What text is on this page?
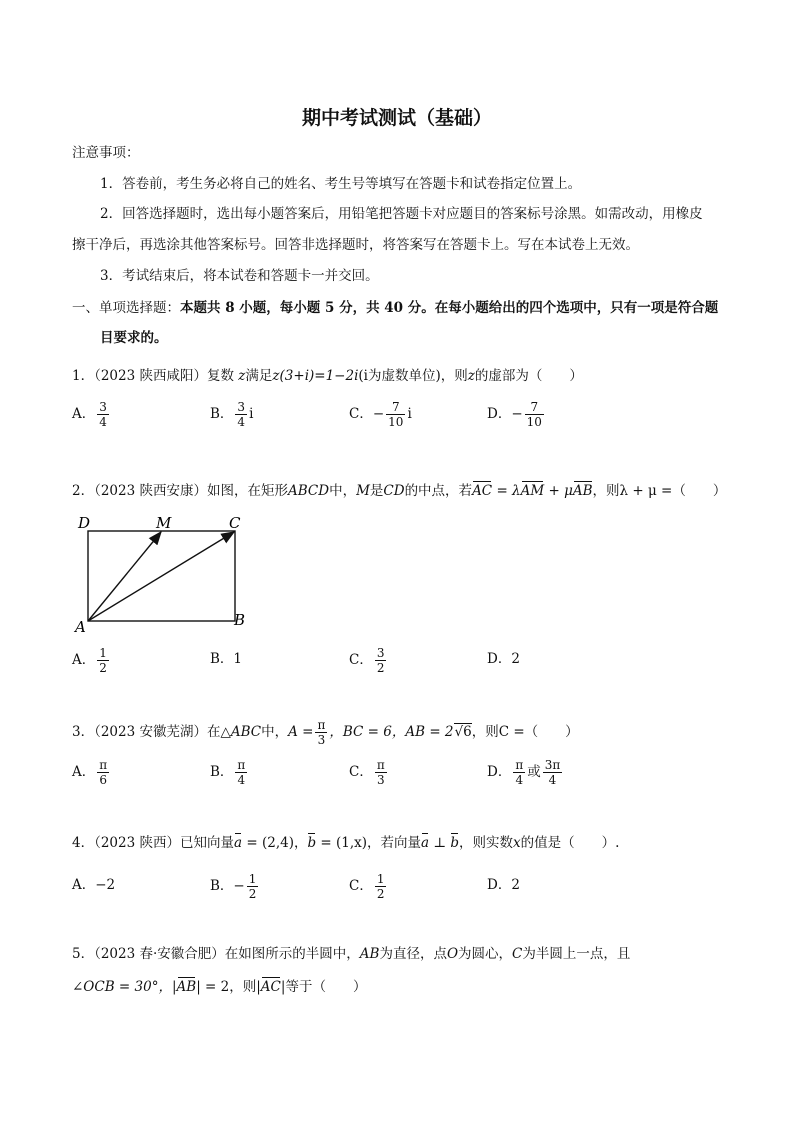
期中考试测试（基础）
注意事项：
1．答卷前，考生务必将自己的姓名、考生号等填写在答题卡和试卷指定位置上。
2．回答选择题时，选出每小题答案后，用铅笔把答题卡对应题目的答案标号涂黑。如需改动，用橡皮
擦干净后，再选涂其他答案标号。回答非选择题时，将答案写在答题卡上。写在本试卷上无效。
3．考试结束后，将本试卷和答题卡一并交回。
一、单项选择题：本题共 8 小题，每小题 5 分，共 40 分。在每小题给出的四个选项中，只有一项是符合题
目要求的。
1．（2023 陕西咸阳）复数 z满足z(3+i)=1−2i(i为虚数单位)，则z的虚部为（　　）
A． $\frac{3}{4}$	B． $\frac{3}{4}$ i	C．− $\frac{7}{10}$ i	D．− $\frac{7}{10}$
2．（2023 陕西安康）如图，在矩形ABCD中，M是CD的中点，若AC = λAM + μAB，则λ + μ =（　　）
D	M	C
A	B
A． $\frac{1}{2}$	B．1	C． $\frac{3}{2}$	D．2
3．（2023 安徽芜湖）在△ABC中，$A = \frac{\pi}{3}$ ，BC = 6，AB = 2√6，则C =（　　）
A． $\frac{\pi}{6}$	B． $\frac{\pi}{4}$	C． $\frac{\pi}{3}$	D． $\frac{\pi}{4}$ 或 $\frac{3\pi}{4}$
4．（2023 陕西）已知向量a = (2,4)，b = (1,x)，若向量a ⊥ b，则实数x的值是（　　）.
A．−2	B．− $\frac{1}{2}$	C． $\frac{1}{2}$	D．2
5．（2023 春·安徽合肥）在如图所示的半圆中，AB为直径，点O为圆心，C为半圆上一点，且
∠OCB = 30°，|AB| = 2，则|AC|等于（　　）
